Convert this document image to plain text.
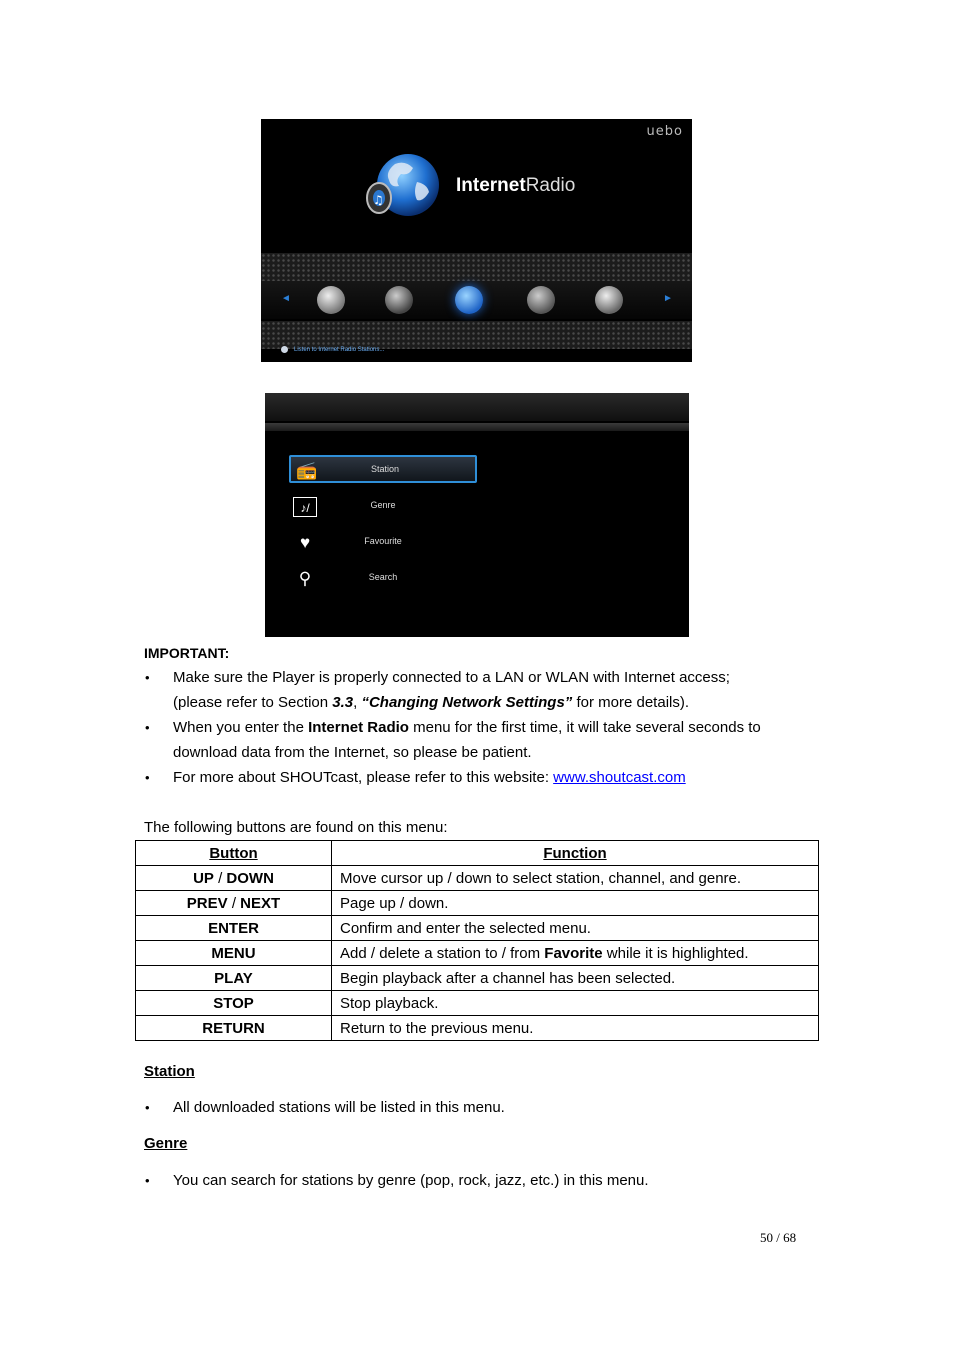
uebo
♫
InternetRadio
◄	►
Listen to Internet Radio Stations...
📻	Station
♪/	Genre
♥	Favourite
⚲	Search
IMPORTANT:
• Make sure the Player is properly connected to a LAN or WLAN with Internet access;
(please refer to Section 3.3, “Changing Network Settings” for more details).
• When you enter the Internet Radio menu for the first time, it will take several seconds to
download data from the Internet, so please be patient.
• For more about SHOUTcast, please refer to this website: www.shoutcast.com
The following buttons are found on this menu:
Button	Function
UP / DOWN	Move cursor up / down to select station, channel, and genre.
PREV / NEXT	Page up / down.
ENTER	Confirm and enter the selected menu.
MENU	Add / delete a station to / from Favorite while it is highlighted.
PLAY	Begin playback after a channel has been selected.
STOP	Stop playback.
RETURN	Return to the previous menu.
Station
• All downloaded stations will be listed in this menu.
Genre
• You can search for stations by genre (pop, rock, jazz, etc.) in this menu.
50 / 68
